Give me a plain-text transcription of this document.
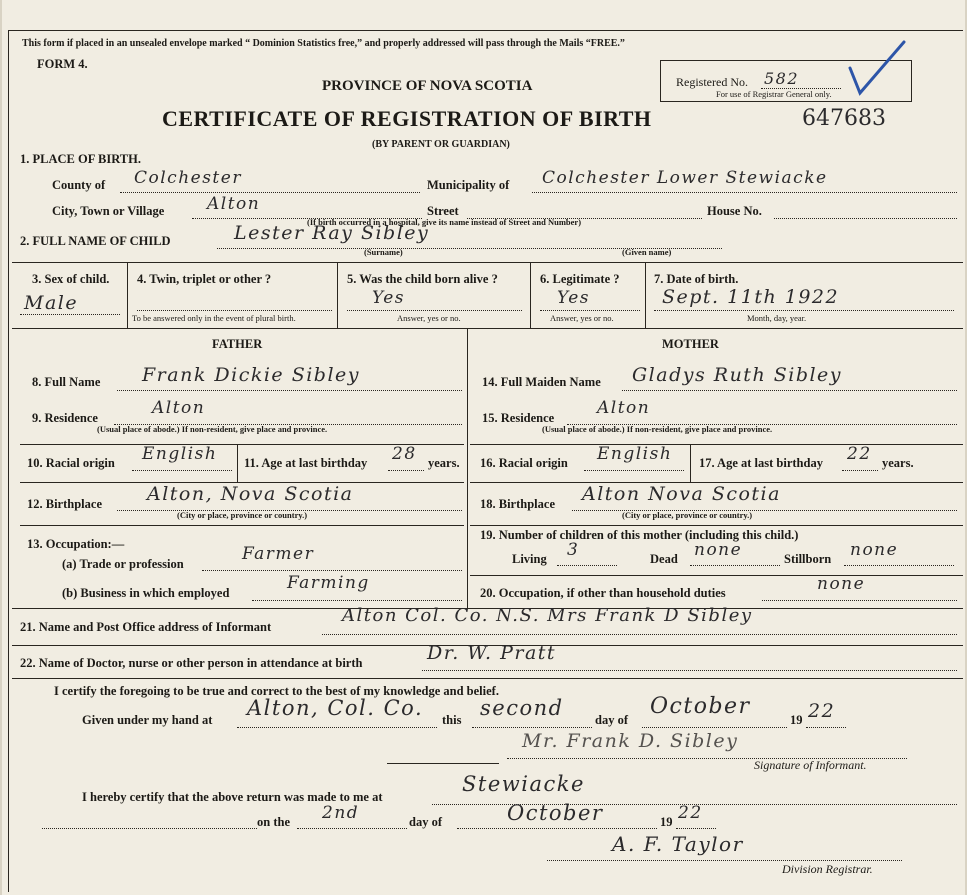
This form if placed in an unsealed envelope marked “ Dominion Statistics free,” and properly addressed will pass through the Mails “FREE.”
FORM 4.
PROVINCE OF NOVA SCOTIA
CERTIFICATE OF REGISTRATION OF BIRTH
(BY PARENT OR GUARDIAN)
Registered No. 582
For use of Registrar General only.
647683
1. PLACE OF BIRTH.
County of Colchester	Municipality of Colchester Lower Stewiacke
City, Town or Village	Alton
(If birth occurred in a hospital, give its name instead of Street and Number)
Street	House No.
2. FULL NAME OF CHILD	Lester Ray Sibley
(Surname)	(Given name)
3. Sex of child.
Male
4. Twin, triplet or other ?
To be answered only in the event of plural birth.
5. Was the child born alive ?
Yes
Answer, yes or no.
6. Legitimate ?
Yes
Answer, yes or no.
7. Date of birth.
Sept. 11th 1922
Month, day, year.
FATHER	MOTHER
8. Full Name Frank Dickie Sibley
9. Residence	Alton
(Usual place of abode.) If non-resident, give place and province.
10. Racial origin English 11. Age at last birthday 28 years.
12. Birthplace Alton, Nova Scotia
(City or place, province or country.)
13. Occupation:—
(a) Trade or profession	Farmer
(b) Business in which employed	Farming
14. Full Maiden Name Gladys Ruth Sibley
15. Residence	Alton
(Usual place of abode.) If non-resident, give place and province.
16. Racial origin English 17. Age at last birthday 22 years.
18. Birthplace Alton Nova Scotia
(City or place, province or country.)
19. Number of children of this mother (including this child.)
Living 3	Dead none	Stillborn none
20. Occupation, if other than household duties	none
21. Name and Post Office address of Informant
Alton Col. Co. N.S. Mrs Frank D Sibley
22. Name of Doctor, nurse or other person in attendance at birth	Dr. W. Pratt
I certify the foregoing to be true and correct to the best of my knowledge and belief.
Given under my hand at Alton, Col. Co. this second	day of
October
19 22
Mr. Frank D. Sibley
Signature of Informant.
I hereby certify that the above return was made to me at
Stewiacke
on the 2nd	day of	October	19 22
A. F. Taylor
Division Registrar.
